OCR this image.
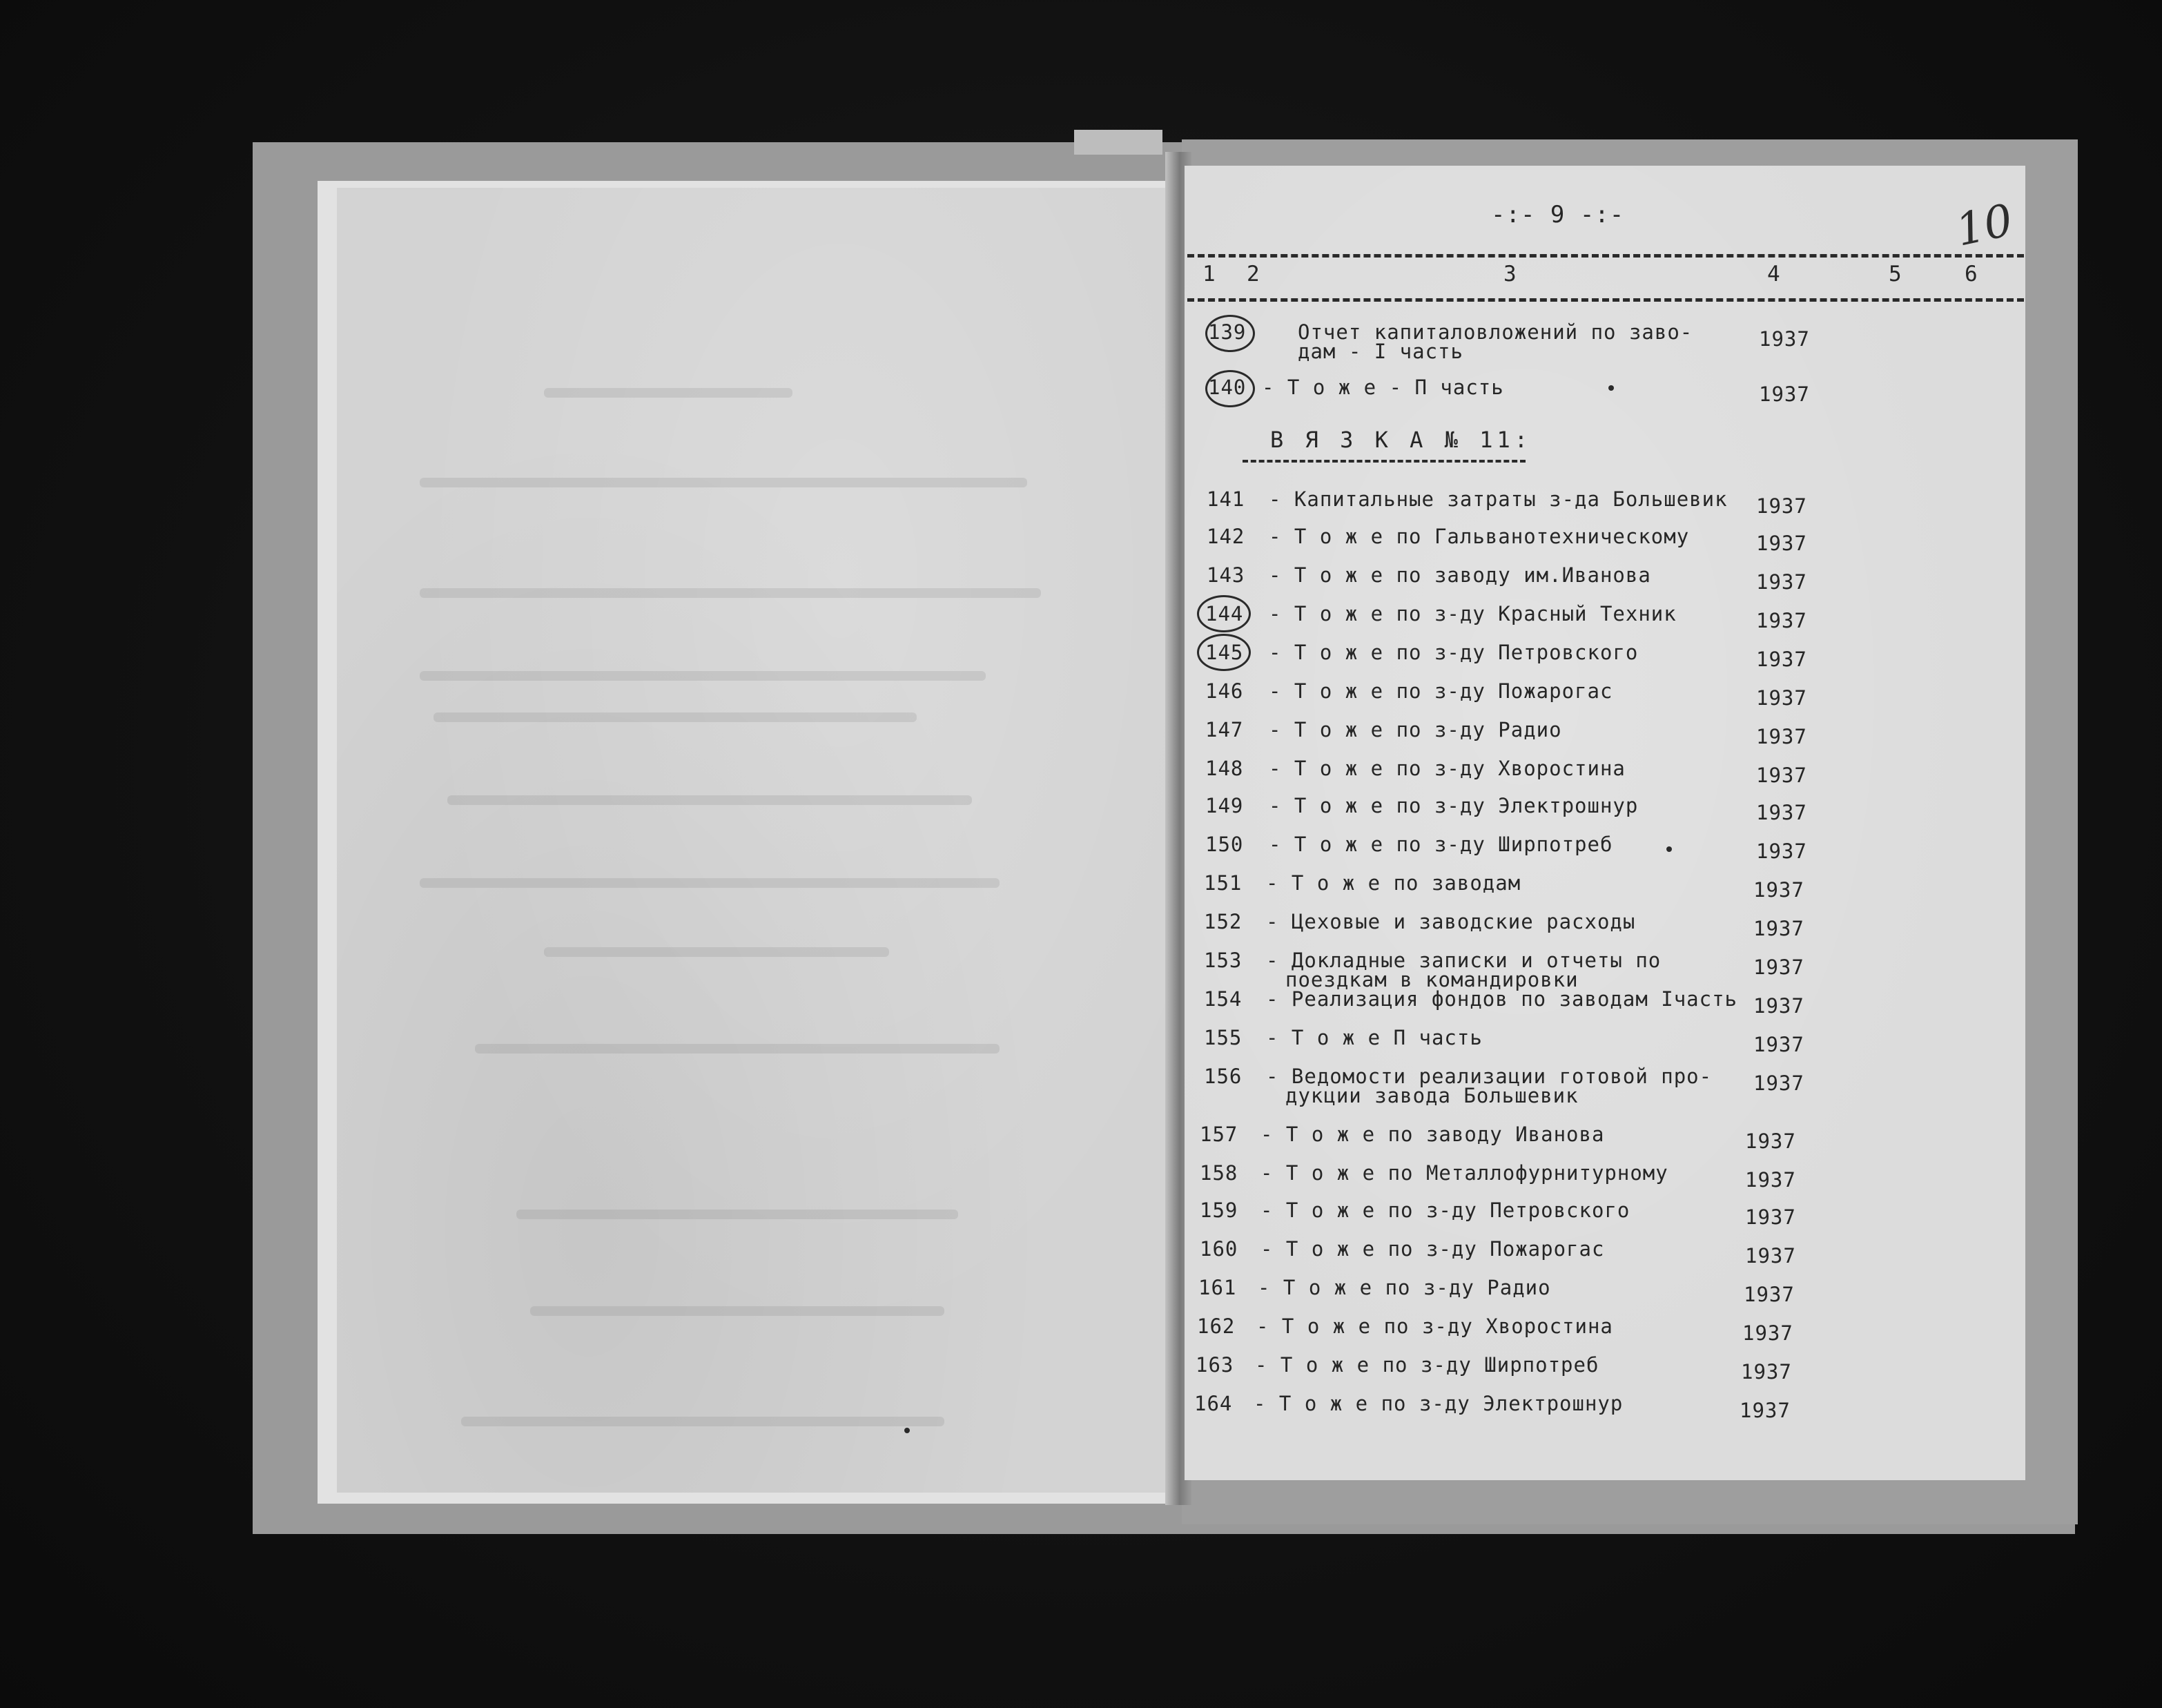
-:- 9 -:-	10
1 2	3	4	5	6
В Я З К А № 11:
139	Отчет капиталовложений по заво-
дам - I часть
1937
140 - Т о ж е - П часть	1937
141 - Капитальные затраты з-да Большевик 1937
142 - Т о ж е по Гальванотехническому	1937
143 - Т о ж е по заводу им.Иванова	1937
144 - Т о ж е по з-ду Красный Техник	1937
145 - Т о ж е по з-ду Петровского	1937
146 - Т о ж е по з-ду Пожарогас	1937
147 - Т о ж е по з-ду Радио	1937
148 - Т о ж е по з-ду Хворостина	1937
149 - Т о ж е по з-ду Электрошнур	1937
150 - Т о ж е по з-ду Ширпотреб	1937
151 - Т о ж е по заводам	1937
152 - Цеховые и заводские расходы	1937
153 - Докладные записки и отчеты по
поездкам в командировки
1937
154 - Реализация фондов по заводам Iчасть 1937
155 - Т о ж е П часть	1937
156 - Ведомости реализации готовой про-
дукции завода Большевик
1937
157 - Т о ж е по заводу Иванова	1937
158 - Т о ж е по Металлофурнитурному	1937
159 - Т о ж е по з-ду Петровского	1937
160 - Т о ж е по з-ду Пожарогас	1937
161 - Т о ж е по з-ду Радио	1937
162 - Т о ж е по з-ду Хворостина	1937
163 - Т о ж е по з-ду Ширпотреб	1937
164 - Т о ж е по з-ду Электрошнур	1937
